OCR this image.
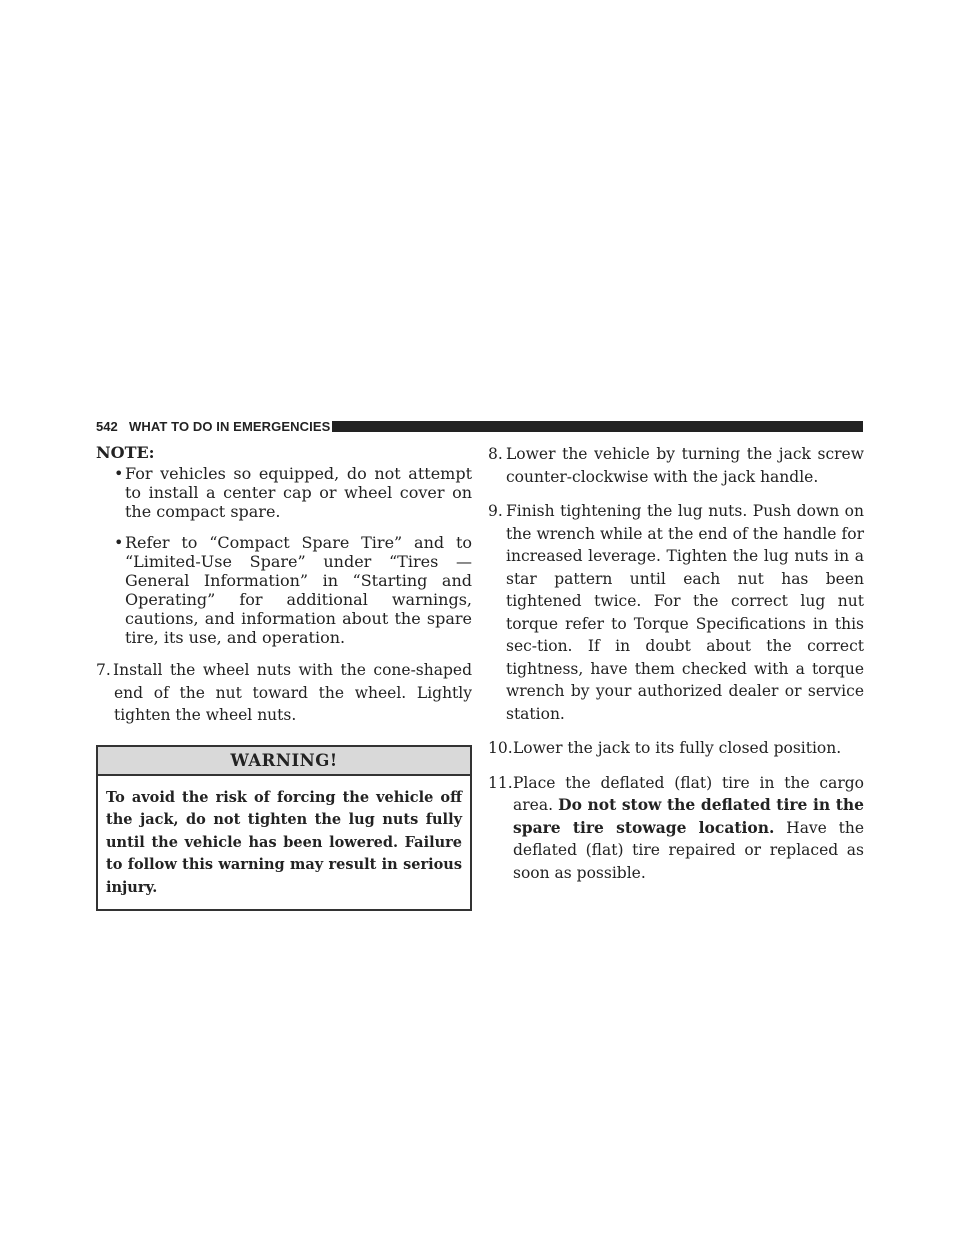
542 WHAT TO DO IN EMERGENCIES
NOTE:
• For vehicles so equipped, do not attempt to install a center cap or wheel cover on the compact spare.
• Refer to “Compact Spare Tire” and to “Limited-Use Spare” under “Tires — General Information” in “Starting and Operating” for additional warnings, cautions, and information about the spare tire, its use, and operation.
7. Install the wheel nuts with the cone-shaped end of the nut toward the wheel. Lightly tighten the wheel nuts.
WARNING!
To avoid the risk of forcing the vehicle off the jack, do not tighten the lug nuts fully until the vehicle has been lowered. Failure to follow this warning may result in serious injury.
8. Lower the vehicle by turning the jack screw counter-clockwise with the jack handle.
9. Finish tightening the lug nuts. Push down on the wrench while at the end of the handle for increased leverage. Tighten the lug nuts in a star pattern until each nut has been tightened twice. For the correct lug nut torque refer to Torque Specifications in this sec-tion. If in doubt about the correct tightness, have them checked with a torque wrench by your authorized dealer or service station.
10. Lower the jack to its fully closed position.
11. Place the deflated (flat) tire in the cargo area. Do not stow the deflated tire in the spare tire stowage location. Have the deflated (flat) tire repaired or replaced as soon as possible.
